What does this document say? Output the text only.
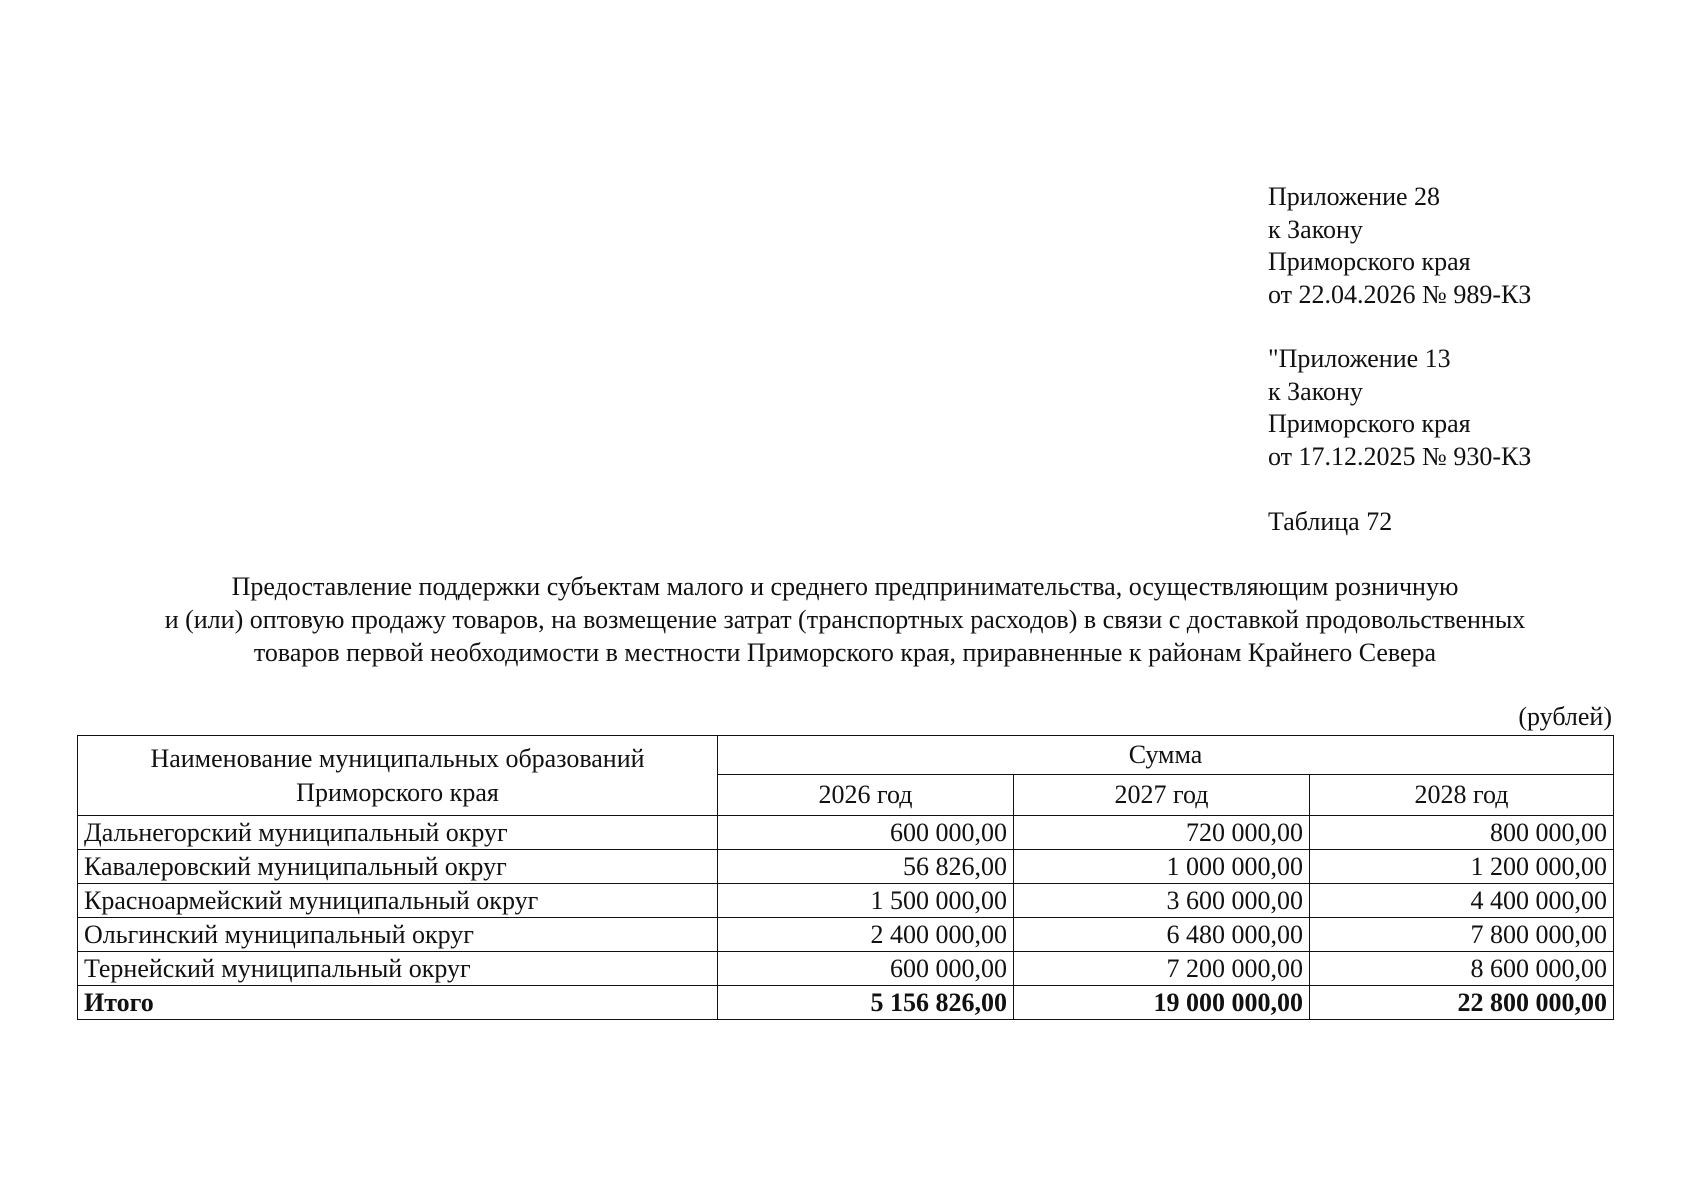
Приложение 28
к Закону
Приморского края
от 22.04.2026 № 989-КЗ
"Приложение 13
к Закону
Приморского края
от 17.12.2025 № 930-КЗ
Таблица 72
Предоставление поддержки субъектам малого и среднего предпринимательства, осуществляющим розничную
и (или) оптовую продажу товаров, на возмещение затрат (транспортных расходов) в связи с доставкой продовольственных
товаров первой необходимости в местности Приморского края, приравненные к районам Крайнего Севера
(рублей)
Наименование муниципальных образований
Приморского края	Сумма		
	2026 год	2027 год	2028 год
Дальнегорский муниципальный округ	600 000,00	720 000,00	800 000,00
Кавалеровский муниципальный округ	56 826,00	1 000 000,00	1 200 000,00
Красноармейский муниципальный округ	1 500 000,00	3 600 000,00	4 400 000,00
Ольгинский муниципальный округ	2 400 000,00	6 480 000,00	7 800 000,00
Тернейский муниципальный округ	600 000,00	7 200 000,00	8 600 000,00
Итого	5 156 826,00	19 000 000,00	22 800 000,00
